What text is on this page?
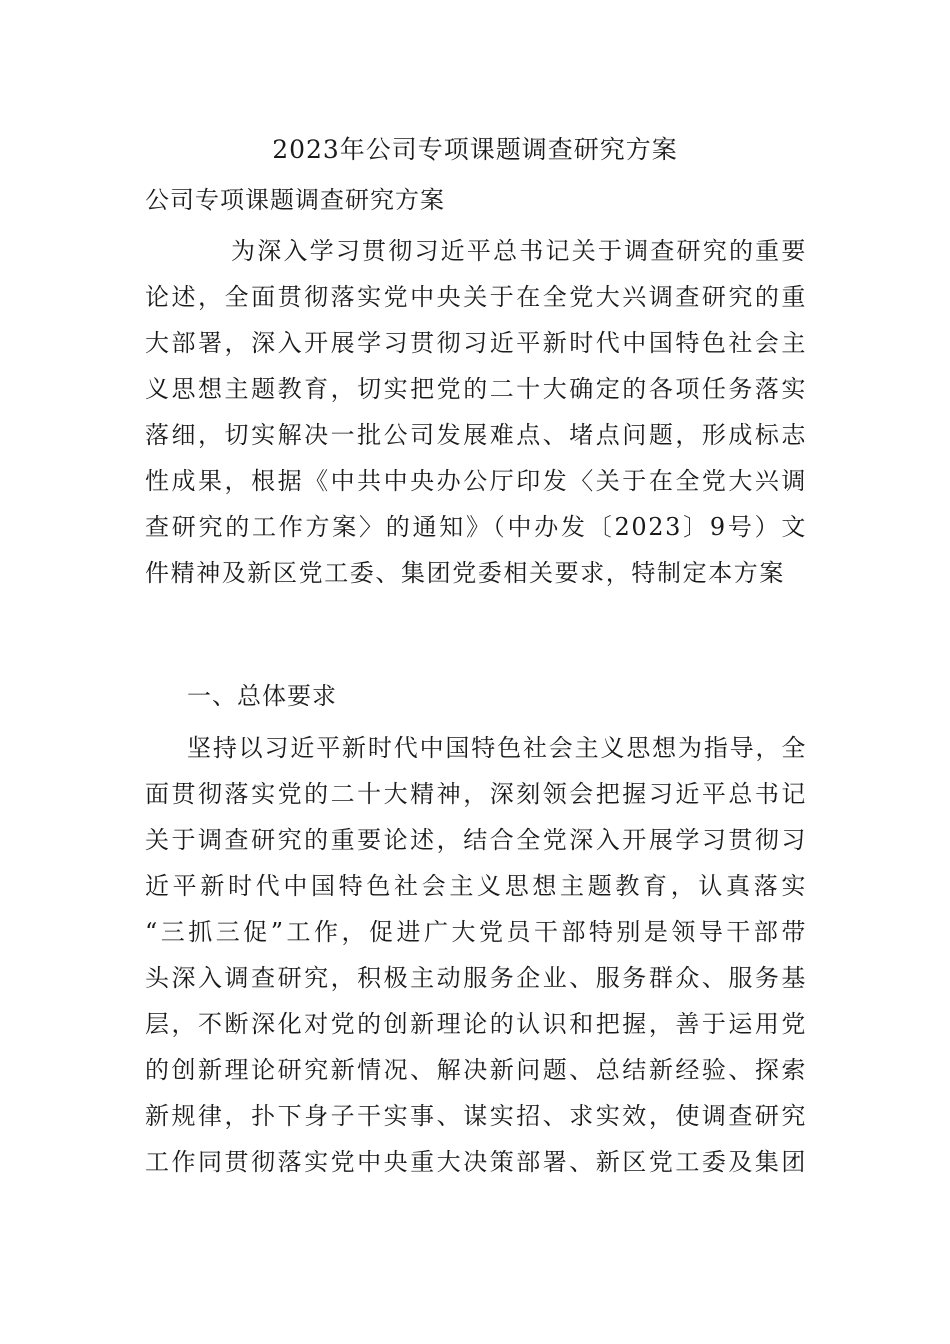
2023年公司专项课题调查研究方案

公司专项课题调查研究方案

为深入学习贯彻习近平总书记关于调查研究的重要
论述，全面贯彻落实党中央关于在全党大兴调查研究的重
大部署，深入开展学习贯彻习近平新时代中国特色社会主
义思想主题教育，切实把党的二十大确定的各项任务落实
落细，切实解决一批公司发展难点、堵点问题，形成标志
性成果，根据《中共中央办公厅印发〈关于在全党大兴调
查研究的工作方案〉的通知》（中办发〔2023〕9号）文
件精神及新区党工委、集团党委相关要求，特制定本方案

一、总体要求

坚持以习近平新时代中国特色社会主义思想为指导，全
面贯彻落实党的二十大精神，深刻领会把握习近平总书记
关于调查研究的重要论述，结合全党深入开展学习贯彻习
近平新时代中国特色社会主义思想主题教育，认真落实
“三抓三促”工作，促进广大党员干部特别是领导干部带
头深入调查研究，积极主动服务企业、服务群众、服务基
层，不断深化对党的创新理论的认识和把握，善于运用党
的创新理论研究新情况、解决新问题、总结新经验、探索
新规律，扑下身子干实事、谋实招、求实效，使调查研究
工作同贯彻落实党中央重大决策部署、新区党工委及集团
